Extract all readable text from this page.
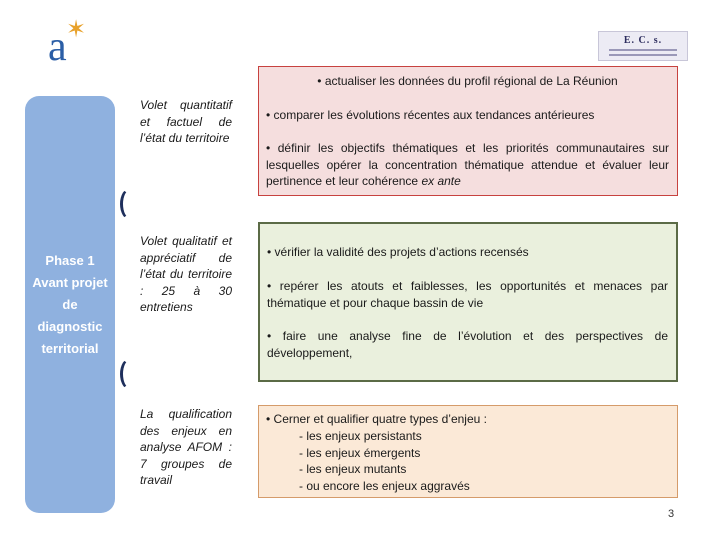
a ✶	E. C. s.
Phase 1
Avant projet
de
diagnostic
territorial
Volet quantitatif et factuel de l’état du territoire
Volet qualitatif et appréciatif de l’état du territoire : 25 à 30 entretiens
La qualification des enjeux en analyse AFOM : 7 groupes de travail
• actualiser les données du profil régional de La Réunion
• comparer les évolutions récentes aux tendances antérieures
• définir les objectifs thématiques et les priorités communautaires sur lesquelles opérer la concentration thématique attendue et évaluer leur pertinence et leur cohérence ex ante
• vérifier la validité des projets d’actions recensés
• repérer les atouts et faiblesses, les opportunités et menaces par thématique et pour chaque bassin de vie
• faire une analyse fine de l’évolution et des perspectives de développement,
• Cerner et qualifier quatre types d’enjeu :
- les enjeux persistants
- les enjeux émergents
- les enjeux mutants
- ou encore les enjeux aggravés
3
